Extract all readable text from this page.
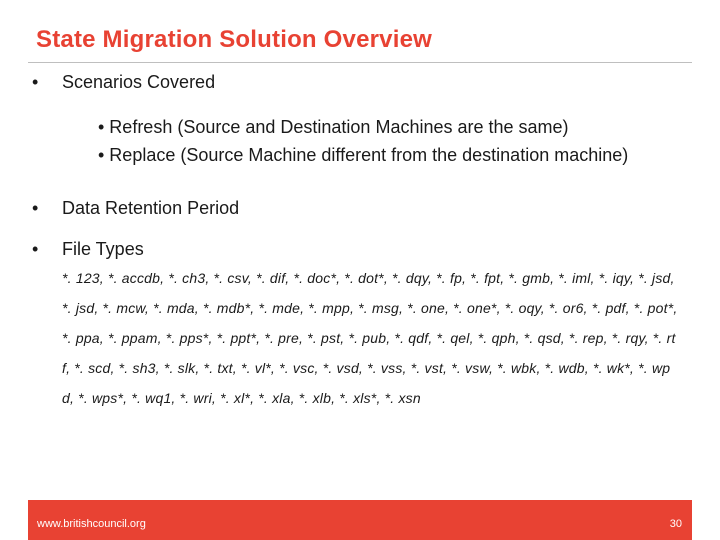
State Migration Solution Overview
•	Scenarios Covered
• Refresh (Source and Destination Machines are the same)
• Replace (Source Machine different from the destination machine)
•	Data Retention Period
•	File Types
*. 123, *. accdb, *. ch3, *. csv, *. dif, *. doc*, *. dot*, *. dqy, *. fp, *. fpt, *. gmb, *. iml, *. iqy, *. jsd, *. jsd, *. mcw, *. mda, *. mdb*, *. mde, *. mpp, *. msg, *. one, *. one*, *. oqy, *. or6, *. pdf, *. pot*, *. ppa, *. ppam, *. pps*, *. ppt*, *. pre, *. pst, *. pub, *. qdf, *. qel, *. qph, *. qsd, *. rep, *. rqy, *. rtf, *. scd, *. sh3, *. slk, *. txt, *. vl*, *. vsc, *. vsd, *. vss, *. vst, *. vsw, *. wbk, *. wdb, *. wk*, *. wpd, *. wps*, *. wq1, *. wri, *. xl*, *. xla, *. xlb, *. xls*, *. xsn
www.britishcouncil.org	30
